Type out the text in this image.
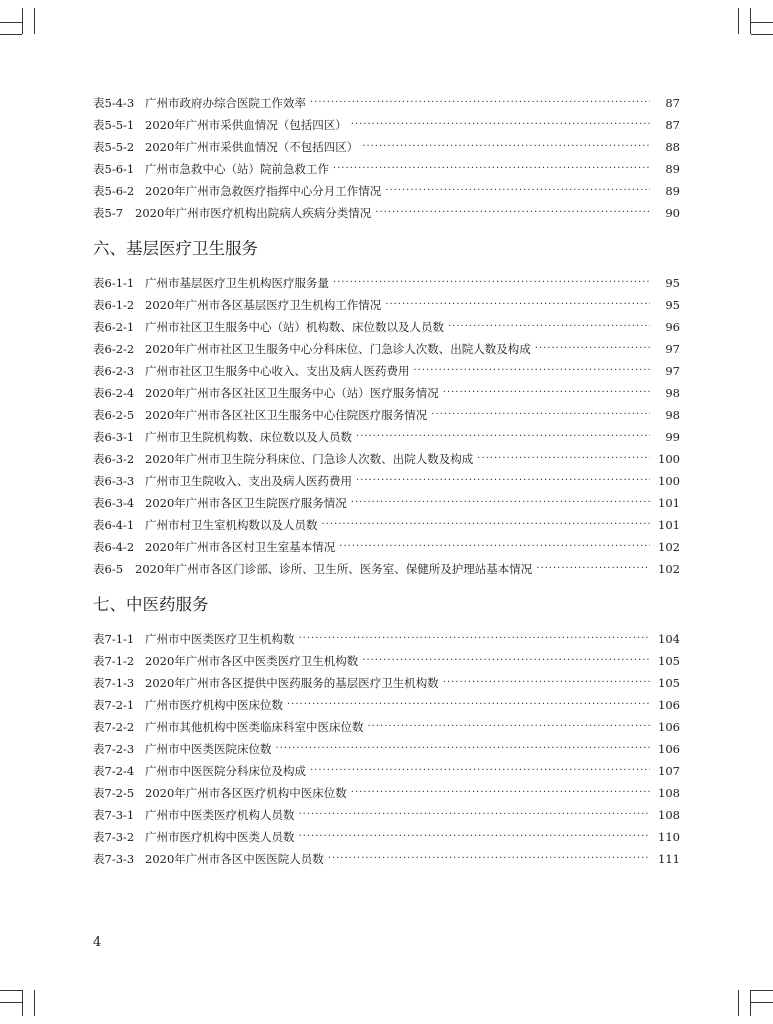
表5-4-3 广州市政府办综合医院工作效率 ·····	87
表5-5-1 2020年广州市采供血情况（包括四区） ·····	87
表5-5-2 2020年广州市采供血情况（不包括四区） ·····	88
表5-6-1 广州市急救中心（站）院前急救工作 ·····	89
表5-6-2 2020年广州市急救医疗指挥中心分月工作情况 ·····	89
表5-7	2020年广州市医疗机构出院病人疾病分类情况 ·····	90
六、基层医疗卫生服务
表6-1-1 广州市基层医疗卫生机构医疗服务量 ·····	95
表6-1-2 2020年广州市各区基层医疗卫生机构工作情况 ·····	95
表6-2-1 广州市社区卫生服务中心（站）机构数、床位数以及人员数 ·····	96
表6-2-2 2020年广州市社区卫生服务中心分科床位、门急诊人次数、出院人数及构成 ·····	97
表6-2-3 广州市社区卫生服务中心收入、支出及病人医药费用 ·····	97
表6-2-4 2020年广州市各区社区卫生服务中心（站）医疗服务情况 ·····	98
表6-2-5 2020年广州市各区社区卫生服务中心住院医疗服务情况 ·····	98
表6-3-1 广州市卫生院机构数、床位数以及人员数 ·····	99
表6-3-2 2020年广州市卫生院分科床位、门急诊人次数、出院人数及构成 ·····	100
表6-3-3 广州市卫生院收入、支出及病人医药费用 ·····	100
表6-3-4 2020年广州市各区卫生院医疗服务情况 ·····	101
表6-4-1 广州市村卫生室机构数以及人员数 ·····	101
表6-4-2 2020年广州市各区村卫生室基本情况 ·····	102
表6-5	2020年广州市各区门诊部、诊所、卫生所、医务室、保健所及护理站基本情况 ·····	102
七、中医药服务
表7-1-1 广州市中医类医疗卫生机构数 ·····	104
表7-1-2 2020年广州市各区中医类医疗卫生机构数 ·····	105
表7-1-3 2020年广州市各区提供中医药服务的基层医疗卫生机构数 ·····	105
表7-2-1 广州市医疗机构中医床位数 ·····	106
表7-2-2 广州市其他机构中医类临床科室中医床位数 ·····	106
表7-2-3 广州市中医类医院床位数 ·····	106
表7-2-4 广州市中医医院分科床位及构成 ·····	107
表7-2-5 2020年广州市各区医疗机构中医床位数 ·····	108
表7-3-1 广州市中医类医疗机构人员数 ·····	108
表7-3-2 广州市医疗机构中医类人员数 ·····	110
表7-3-3 2020年广州市各区中医医院人员数 ·····	111
4
